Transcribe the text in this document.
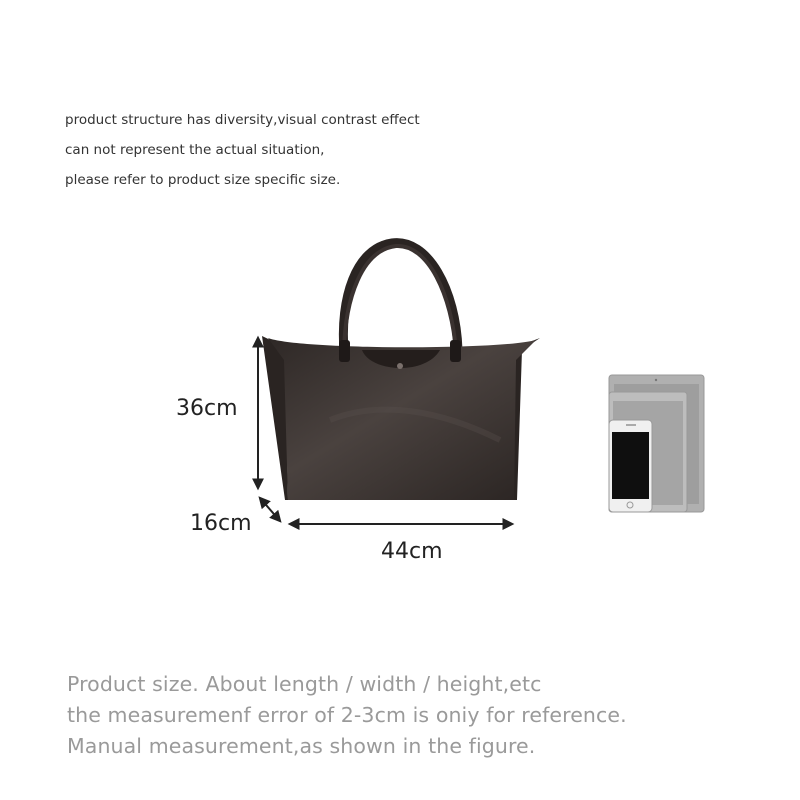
product structure has diversity,visual contrast effect
can not represent the actual situation,
please refer to product size specific size.
36cm
16cm
44cm
Product size. About length / width / height,etc
the measuremenf error of 2-3cm is oniy for reference.
Manual measurement,as shown in the figure.
